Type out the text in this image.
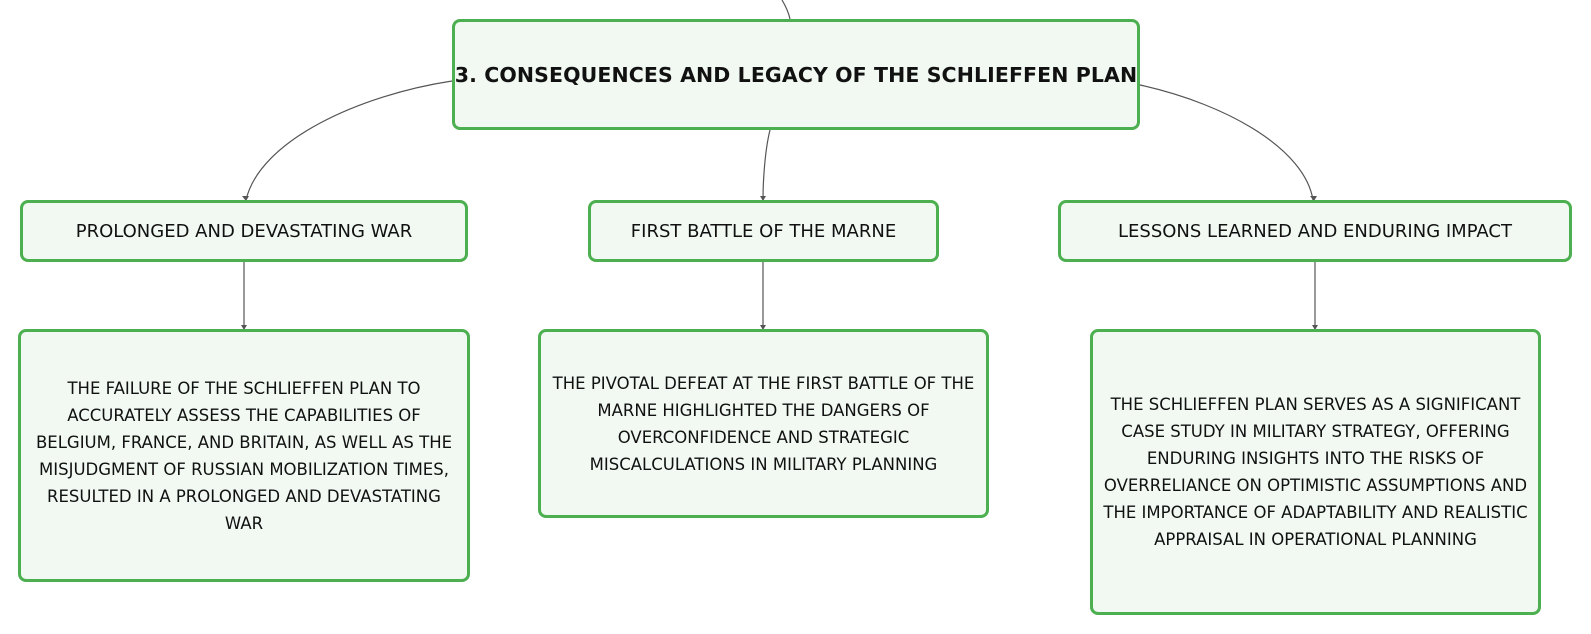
3. CONSEQUENCES AND LEGACY OF THE SCHLIEFFEN PLAN
PROLONGED AND DEVASTATING WAR	FIRST BATTLE OF THE MARNE	LESSONS LEARNED AND ENDURING IMPACT
THE FAILURE OF THE SCHLIEFFEN PLAN TO ACCURATELY ASSESS THE CAPABILITIES OF BELGIUM, FRANCE, AND BRITAIN, AS WELL AS THE MISJUDGMENT OF RUSSIAN MOBILIZATION TIMES, RESULTED IN A PROLONGED AND DEVASTATING WAR
THE PIVOTAL DEFEAT AT THE FIRST BATTLE OF THE MARNE HIGHLIGHTED THE DANGERS OF OVERCONFIDENCE AND STRATEGIC MISCALCULATIONS IN MILITARY PLANNING
THE SCHLIEFFEN PLAN SERVES AS A SIGNIFICANT CASE STUDY IN MILITARY STRATEGY, OFFERING ENDURING INSIGHTS INTO THE RISKS OF OVERRELIANCE ON OPTIMISTIC ASSUMPTIONS AND THE IMPORTANCE OF ADAPTABILITY AND REALISTIC APPRAISAL IN OPERATIONAL PLANNING
